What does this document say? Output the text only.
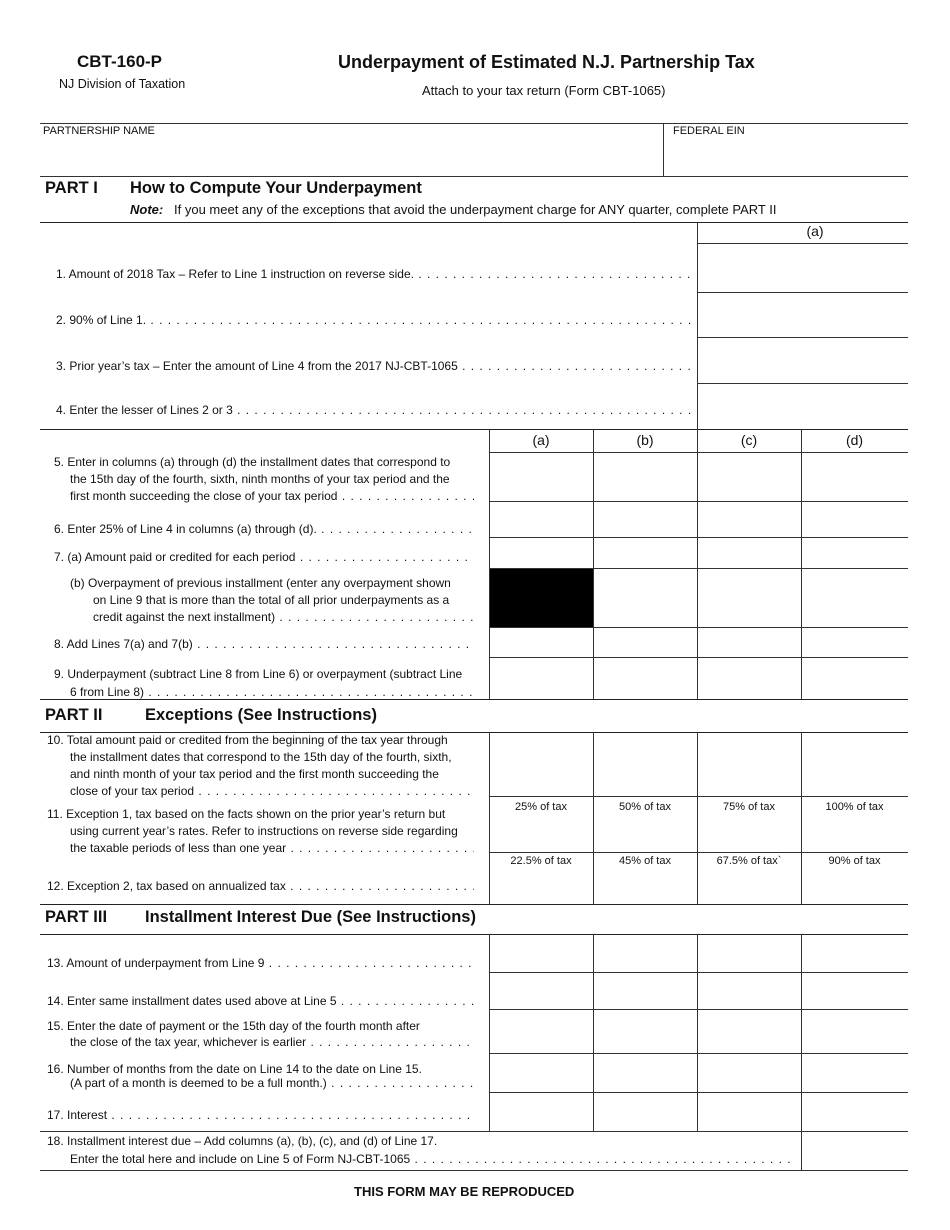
CBT-160-P
NJ Division of Taxation
Underpayment of Estimated N.J. Partnership Tax
Attach to your tax return (Form CBT-1065)
PARTNERSHIP NAME	FEDERAL EIN
PART I How to Compute Your Underpayment
Note: If you meet any of the exceptions that avoid the underpayment charge for ANY quarter, complete PART II
(a)
1. Amount of 2018 Tax – Refer to Line 1 instruction on reverse side. . . .
2. 90% of Line 1. . . .
3. Prior year’s tax – Enter the amount of Line 4 from the 2017 NJ-CBT-1065 . . .
4. Enter the lesser of Lines 2 or 3 . . .
(a)	(b)	(c)	(d)
5. Enter in columns (a) through (d) the installment dates that correspond to
the 15th day of the fourth, sixth, ninth months of your tax period and the
first month succeeding the close of your tax period . . .
6. Enter 25% of Line 4 in columns (a) through (d). . . .
7. (a) Amount paid or credited for each period . . .
(b) Overpayment of previous installment (enter any overpayment shown
on Line 9 that is more than the total of all prior underpayments as a
credit against the next installment) . . .
8. Add Lines 7(a) and 7(b) . . .
9. Underpayment (subtract Line 8 from Line 6) or overpayment (subtract Line
6 from Line 8) . . .
PART II	Exceptions (See Instructions)
10. Total amount paid or credited from the beginning of the tax year through
the installment dates that correspond to the 15th day of the fourth, sixth,
and ninth month of your tax period and the first month succeeding the
close of your tax period . . .
11. Exception 1, tax based on the facts shown on the prior year’s return but
using current year’s rates. Refer to instructions on reverse side regarding
the taxable periods of less than one year . . .
12. Exception 2, tax based on annualized tax . . .
25% of tax	50% of tax	75% of tax	100% of tax
22.5% of tax	45% of tax	67.5% of tax`	90% of tax
PART III Installment Interest Due (See Instructions)
13. Amount of underpayment from Line 9 . . .
14. Enter same installment dates used above at Line 5 . . .
15. Enter the date of payment or the 15th day of the fourth month after
the close of the tax year, whichever is earlier . . .
16. Number of months from the date on Line 14 to the date on Line 15.
(A part of a month is deemed to be a full month.) . . .
17. Interest . . .
18. Installment interest due – Add columns (a), (b), (c), and (d) of Line 17.
Enter the total here and include on Line 5 of Form NJ-CBT-1065 . . .
THIS FORM MAY BE REPRODUCED
